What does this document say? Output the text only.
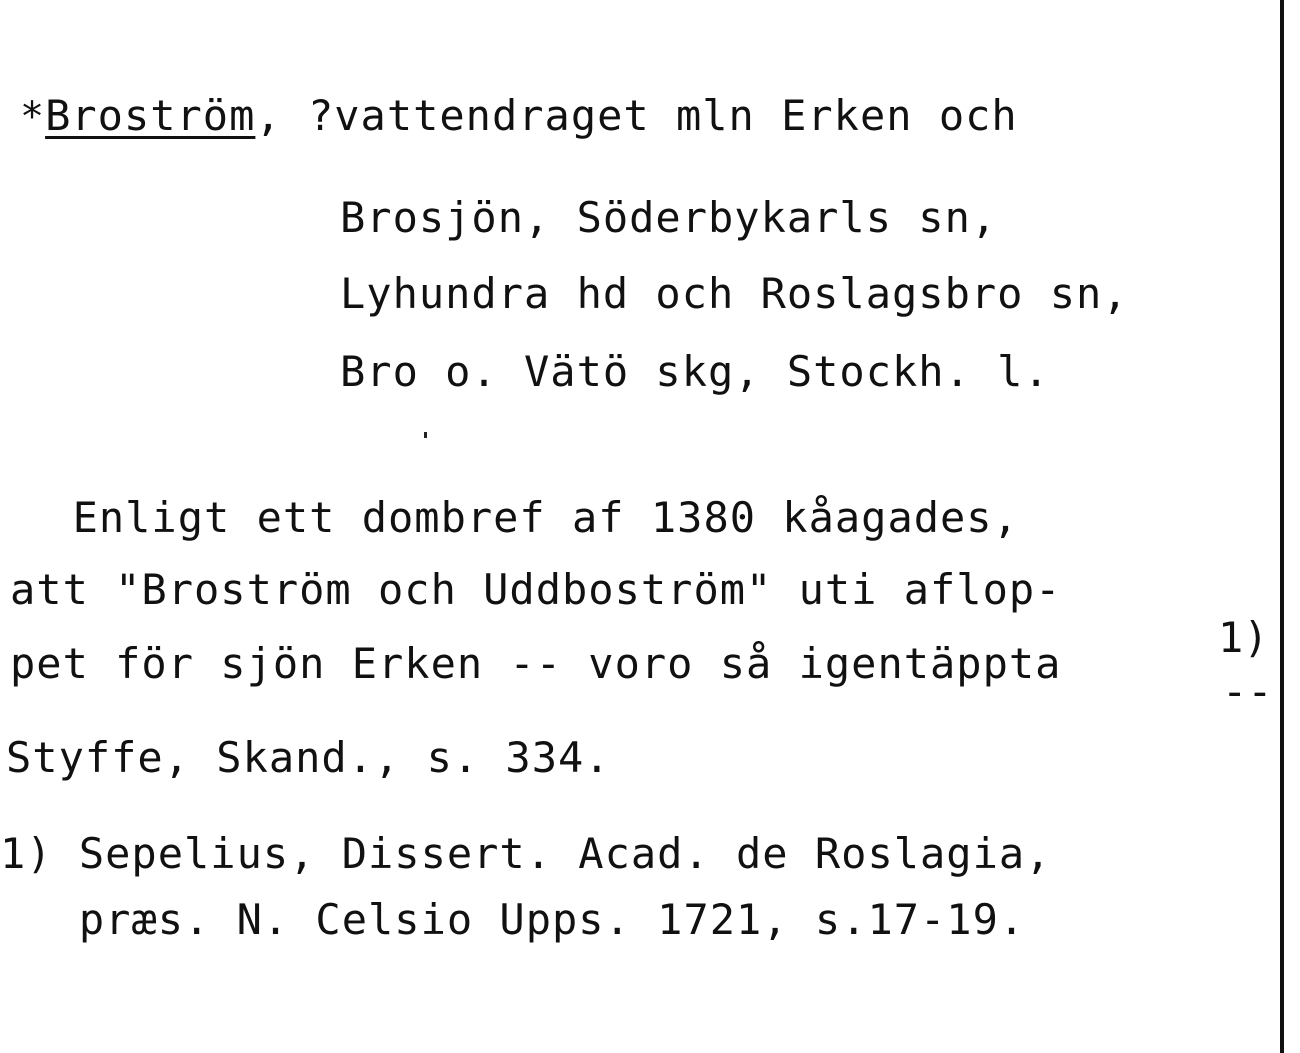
*Broström, ?vattendraget mln Erken och
Brosjön, Söderbykarls sn,
Lyhundra hd och Roslagsbro sn,
Bro o. Vätö skg, Stockh. l.
Enligt ett dombref af 1380 kåagades,
att "Broström och Uddboström" uti aflop-
pet för sjön Erken -- voro så igentäppta
Styffe, Skand., s. 334.
1)
--
1) Sepelius, Dissert. Acad. de Roslagia,
præs. N. Celsio Upps. 1721, s.17-19.
